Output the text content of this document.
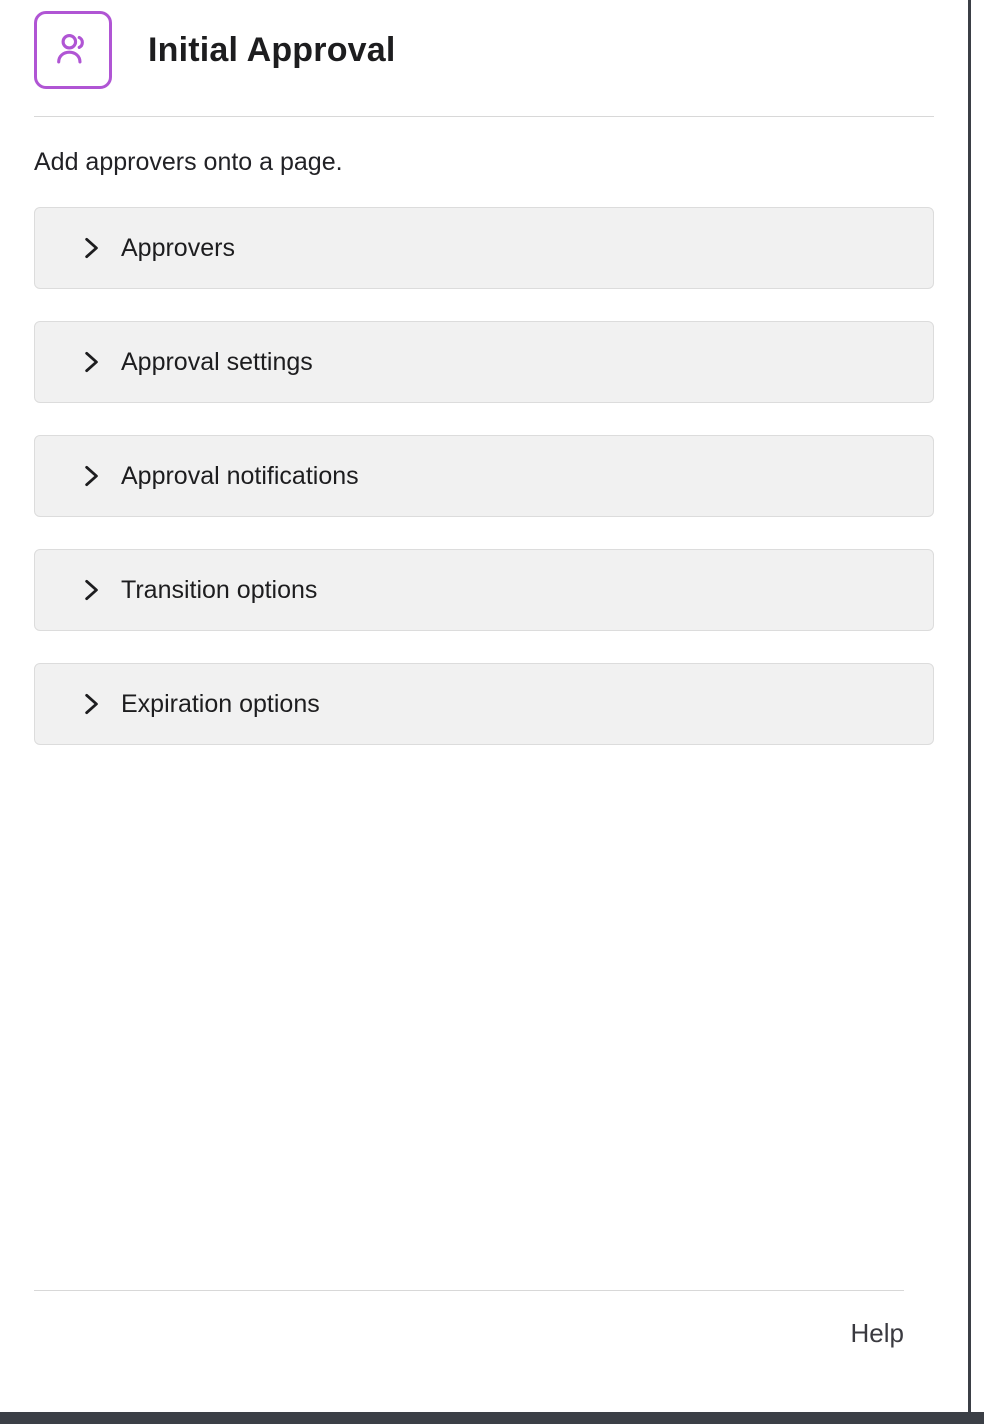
Initial Approval
Add approvers onto a page.
Approvers
Approval settings
Approval notifications
Transition options
Expiration options
Help
